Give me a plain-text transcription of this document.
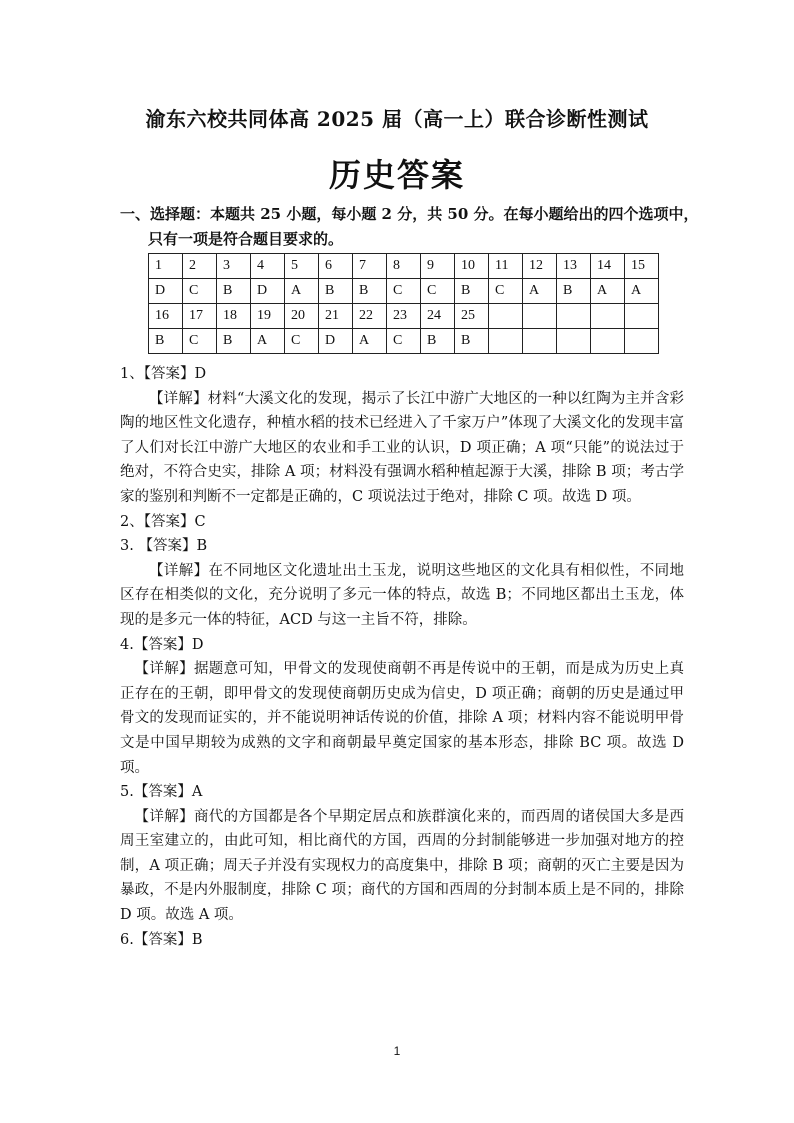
渝东六校共同体高 2025 届（高一上）联合诊断性测试
历史答案
一、选择题：本题共 25 小题，每小题 2 分，共 50 分。在每小题给出的四个选项中，
只有一项是符合题目要求的。
1	2	3	4	5	6	7	8	9	10	11	12	13	14	15
D	C	B	D	A	B	B	C	C	B	C	A	B	A	A
16	17	18	19	20	21	22	23	24	25					
B	C	B	A	C	D	A	C	B	B					

1、【答案】D

【详解】材料“大溪文化的发现，揭示了长江中游广大地区的一种以红陶为主并含彩陶的地区性文化遗存，种植水稻的技术已经进入了千家万户”体现了大溪文化的发现丰富了人们对长江中游广大地区的农业和手工业的认识，D 项正确；A 项“只能”的说法过于绝对，不符合史实，排除 A 项；材料没有强调水稻种植起源于大溪，排除 B 项；考古学家的鉴别和判断不一定都是正确的，C 项说法过于绝对，排除 C 项。故选 D 项。

2、【答案】C

3. 【答案】B

【详解】在不同地区文化遗址出土玉龙，说明这些地区的文化具有相似性，不同地区存在相类似的文化，充分说明了多元一体的特点，故选 B；不同地区都出土玉龙，体现的是多元一体的特征，ACD 与这一主旨不符，排除。

4.【答案】D

【详解】据题意可知，甲骨文的发现使商朝不再是传说中的王朝，而是成为历史上真正存在的王朝，即甲骨文的发现使商朝历史成为信史，D 项正确；商朝的历史是通过甲骨文的发现而证实的，并不能说明神话传说的价值，排除 A 项；材料内容不能说明甲骨文是中国早期较为成熟的文字和商朝最早奠定国家的基本形态，排除 BC 项。故选 D 项。

5.【答案】A

【详解】商代的方国都是各个早期定居点和族群演化来的，而西周的诸侯国大多是西周王室建立的，由此可知，相比商代的方国，西周的分封制能够进一步加强对地方的控制，A 项正确；周天子并没有实现权力的高度集中，排除 B 项；商朝的灭亡主要是因为暴政，不是内外服制度，排除 C 项；商代的方国和西周的分封制本质上是不同的，排除 D 项。故选 A 项。

6.【答案】B

1
